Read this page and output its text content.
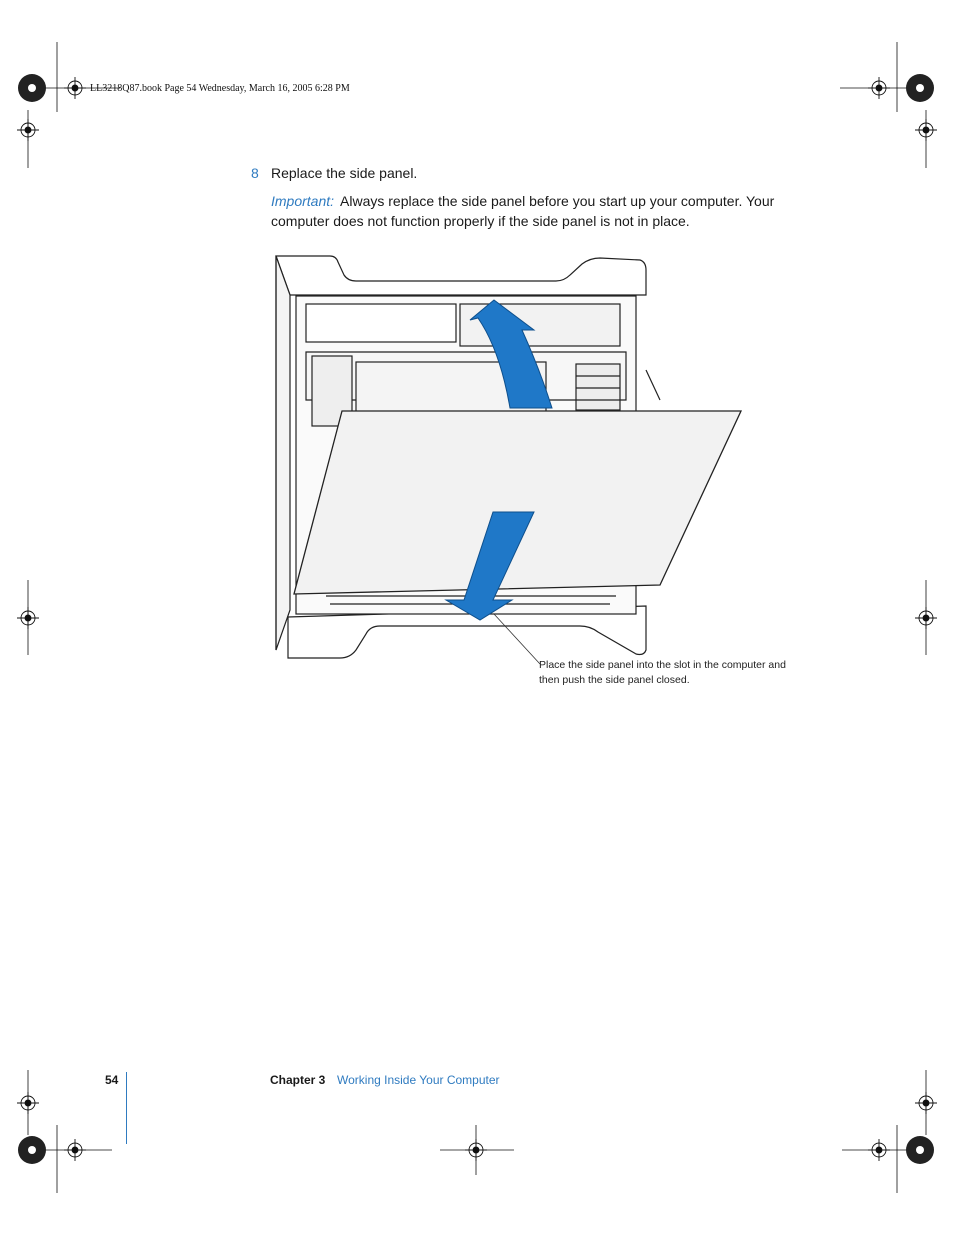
LL3218Q87.book Page 54 Wednesday, March 16, 2005 6:28 PM
8 Replace the side panel.
Important: Always replace the side panel before you start up your computer. Your computer does not function properly if the side panel is not in place.
Place the side panel into the slot in the computer and then push the side panel closed.
54	Chapter 3 Working Inside Your Computer
